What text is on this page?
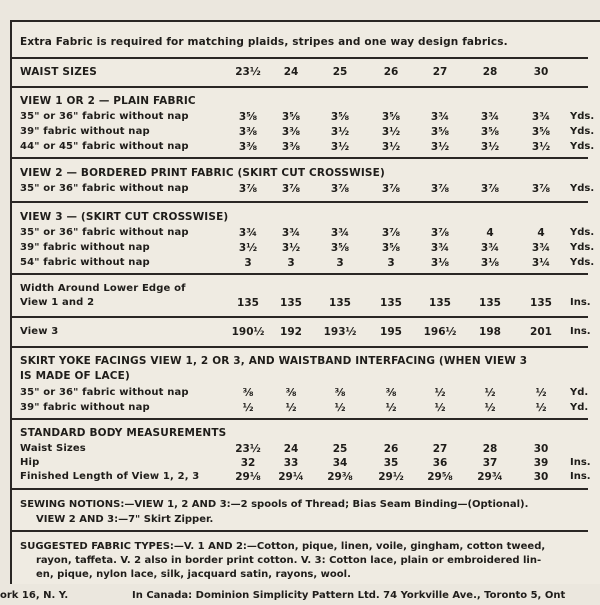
Extra Fabric is required for matching plaids, stripes and one way design fabrics.
WAIST SIZES	23½	24	25	26	27	28	30
VIEW 1 OR 2 — PLAIN FABRIC
35" or 36" fabric without nap	3⅝	3⅝	3⅝	3⅝	3¾	3¾	3¾	Yds.
39" fabric without nap	3⅜	3⅜	3½	3½	3⅝	3⅝	3⅝	Yds.
44" or 45" fabric without nap	3⅜	3⅜	3½	3½	3½	3½	3½	Yds.
VIEW 2 — BORDERED PRINT FABRIC (SKIRT CUT CROSSWISE)
35" or 36" fabric without nap	3⅞	3⅞	3⅞	3⅞	3⅞	3⅞	3⅞	Yds.
VIEW 3 — (SKIRT CUT CROSSWISE)
35" or 36" fabric without nap	3¾	3¾	3¾	3⅞	3⅞	4	4	Yds.
39" fabric without nap	3½	3½	3⅝	3⅝	3¾	3¾	3¾	Yds.
54" fabric without nap	3	3	3	3	3⅛	3⅛	3¼	Yds.
Width Around Lower Edge of
View 1 and 2	135	135	135	135	135	135	135	Ins.
View 3	190½	192	193½	195	196½	198	201	Ins.
SKIRT YOKE FACINGS VIEW 1, 2 OR 3, AND WAISTBAND INTERFACING (WHEN VIEW 3
IS MADE OF LACE)
35" or 36" fabric without nap	⅜	⅜	⅜	⅜	½	½	½	Yd.
39" fabric without nap	½	½	½	½	½	½	½	Yd.
STANDARD BODY MEASUREMENTS
Waist Sizes	23½	24	25	26	27	28	30
Hip	32	33	34	35	36	37	39	Ins.
Finished Length of View 1, 2, 3	29⅛	29¼	29⅜	29½	29⅝	29¾	30	Ins.
SEWING NOTIONS:—VIEW 1, 2 AND 3:—2 spools of Thread; Bias Seam Binding—(Optional).
VIEW 2 AND 3:—7" Skirt Zipper.
SUGGESTED FABRIC TYPES:—V. 1 AND 2:—Cotton, pique, linen, voile, gingham, cotton tweed,
rayon, taffeta. V. 2 also in border print cotton. V. 3: Cotton lace, plain or embroidered lin-
en, pique, nylon lace, silk, jacquard satin, rayons, wool.
ork 16, N. Y.	In Canada: Dominion Simplicity Pattern Ltd. 74 Yorkville Ave., Toronto 5, Ont
